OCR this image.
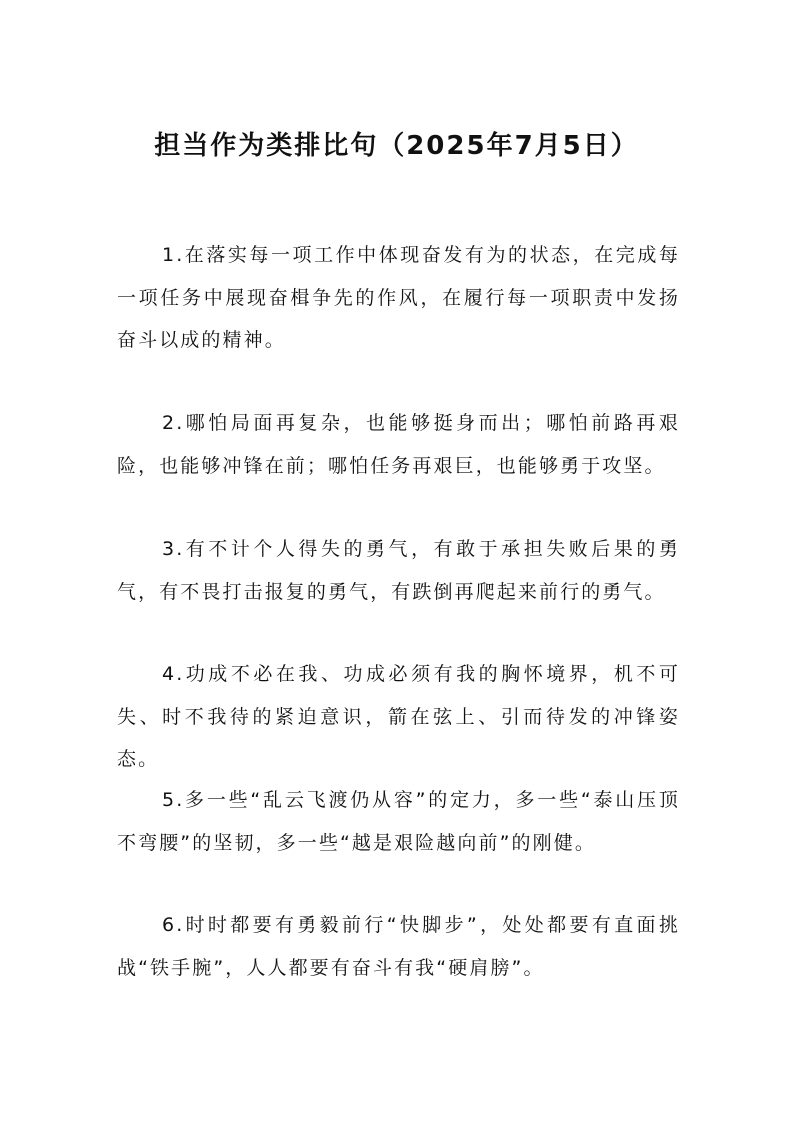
担当作为类排比句（2025年7月5日）

1.在落实每一项工作中体现奋发有为的状态，在完成每一项任务中展现奋楫争先的作风，在履行每一项职责中发扬奋斗以成的精神。

2.哪怕局面再复杂，也能够挺身而出；哪怕前路再艰险，也能够冲锋在前；哪怕任务再艰巨，也能够勇于攻坚。

3.有不计个人得失的勇气，有敢于承担失败后果的勇气，有不畏打击报复的勇气，有跌倒再爬起来前行的勇气。

4.功成不必在我、功成必须有我的胸怀境界，机不可失、时不我待的紧迫意识，箭在弦上、引而待发的冲锋姿态。

5.多一些“乱云飞渡仍从容”的定力，多一些“泰山压顶不弯腰”的坚韧，多一些“越是艰险越向前”的刚健。

6.时时都要有勇毅前行“快脚步”，处处都要有直面挑战“铁手腕”，人人都要有奋斗有我“硬肩膀”。
